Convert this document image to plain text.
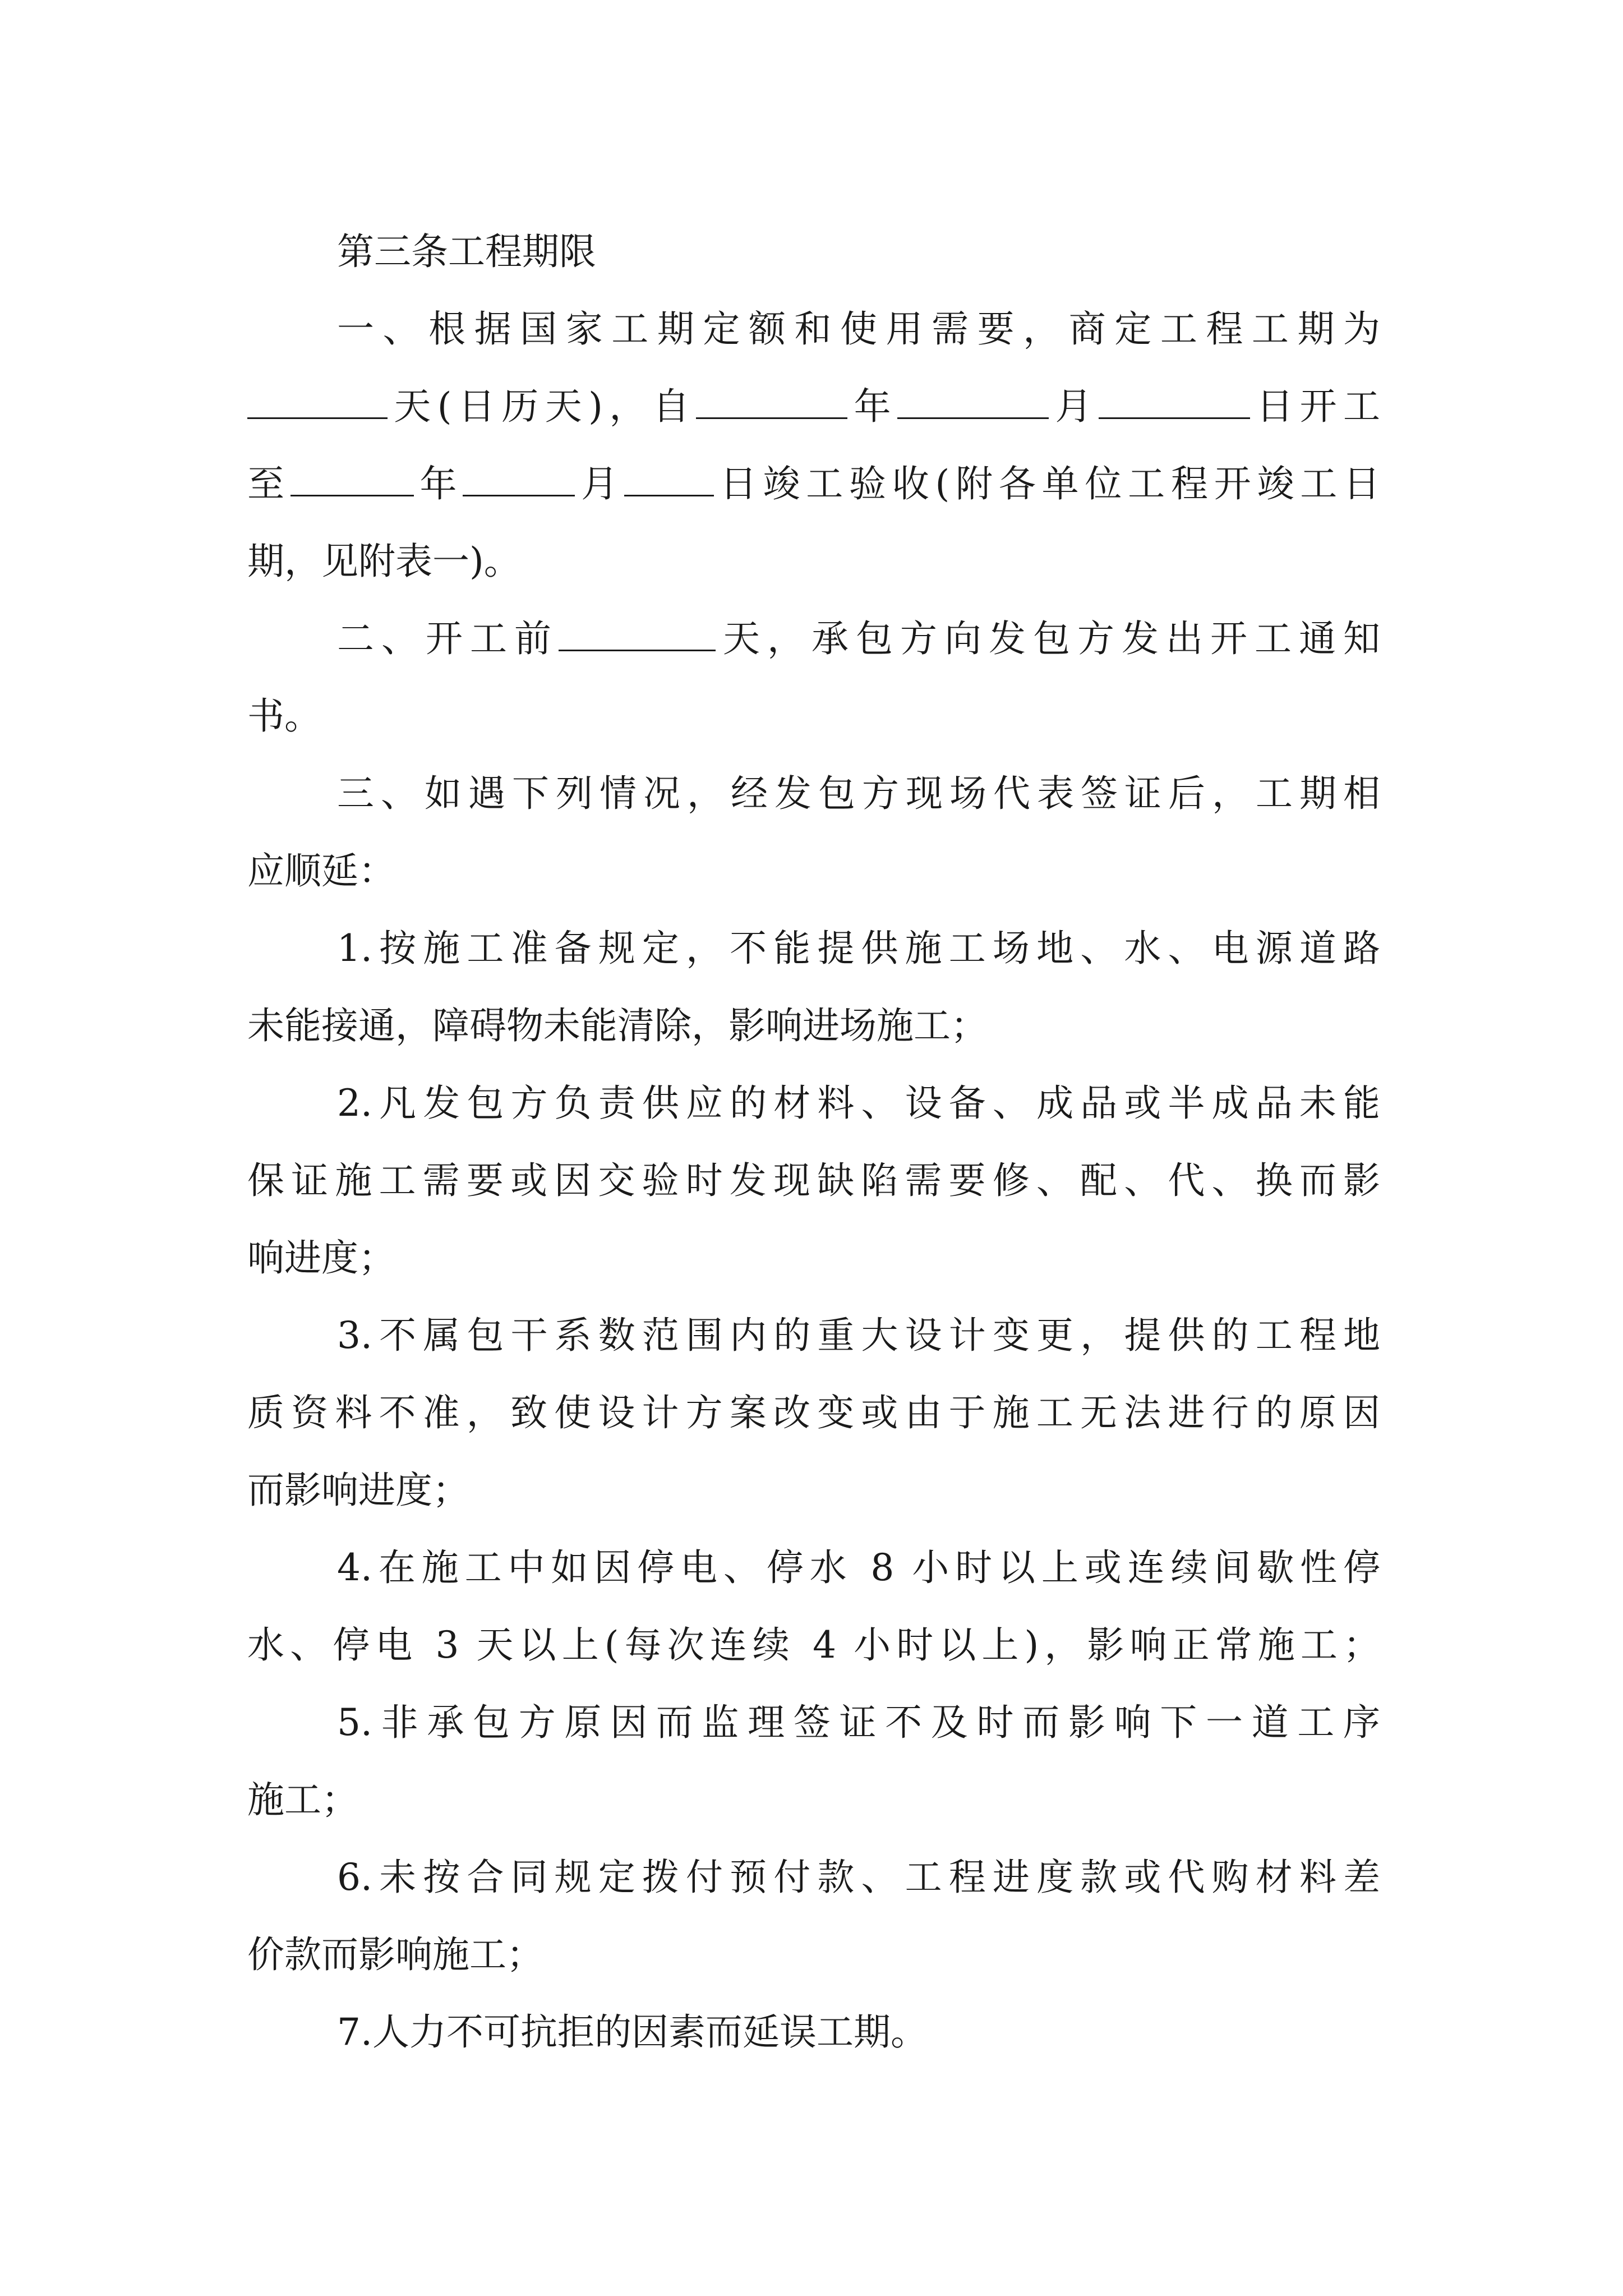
第三条工程期限

一、根据国家工期定额和使用需要，商定工程工期为
天(日历天)，自	年	月	日开工
至	年	月 日竣工验收(附各单位工程开竣工日
期，见附表一)。

二、开工前	天，承包方向发包方发出开工通知
书。

三、如遇下列情况，经发包方现场代表签证后，工期相
应顺延：

1.按施工准备规定，不能提供施工场地、水、电源道路
未能接通，障碍物未能清除，影响进场施工；

2.凡发包方负责供应的材料、设备、成品或半成品未能
保证施工需要或因交验时发现缺陷需要修、配、代、换而影
响进度；

3.不属包干系数范围内的重大设计变更，提供的工程地
质资料不准，致使设计方案改变或由于施工无法进行的原因
而影响进度；

4.在施工中如因停电、停水 8 小时以上或连续间歇性停
水、停电 3 天以上(每次连续 4 小时以上)，影响正常施工；

5.非承包方原因而监理签证不及时而影响下一道工序
施工；

6.未按合同规定拨付预付款、工程进度款或代购材料差
价款而影响施工；

7.人力不可抗拒的因素而延误工期。
